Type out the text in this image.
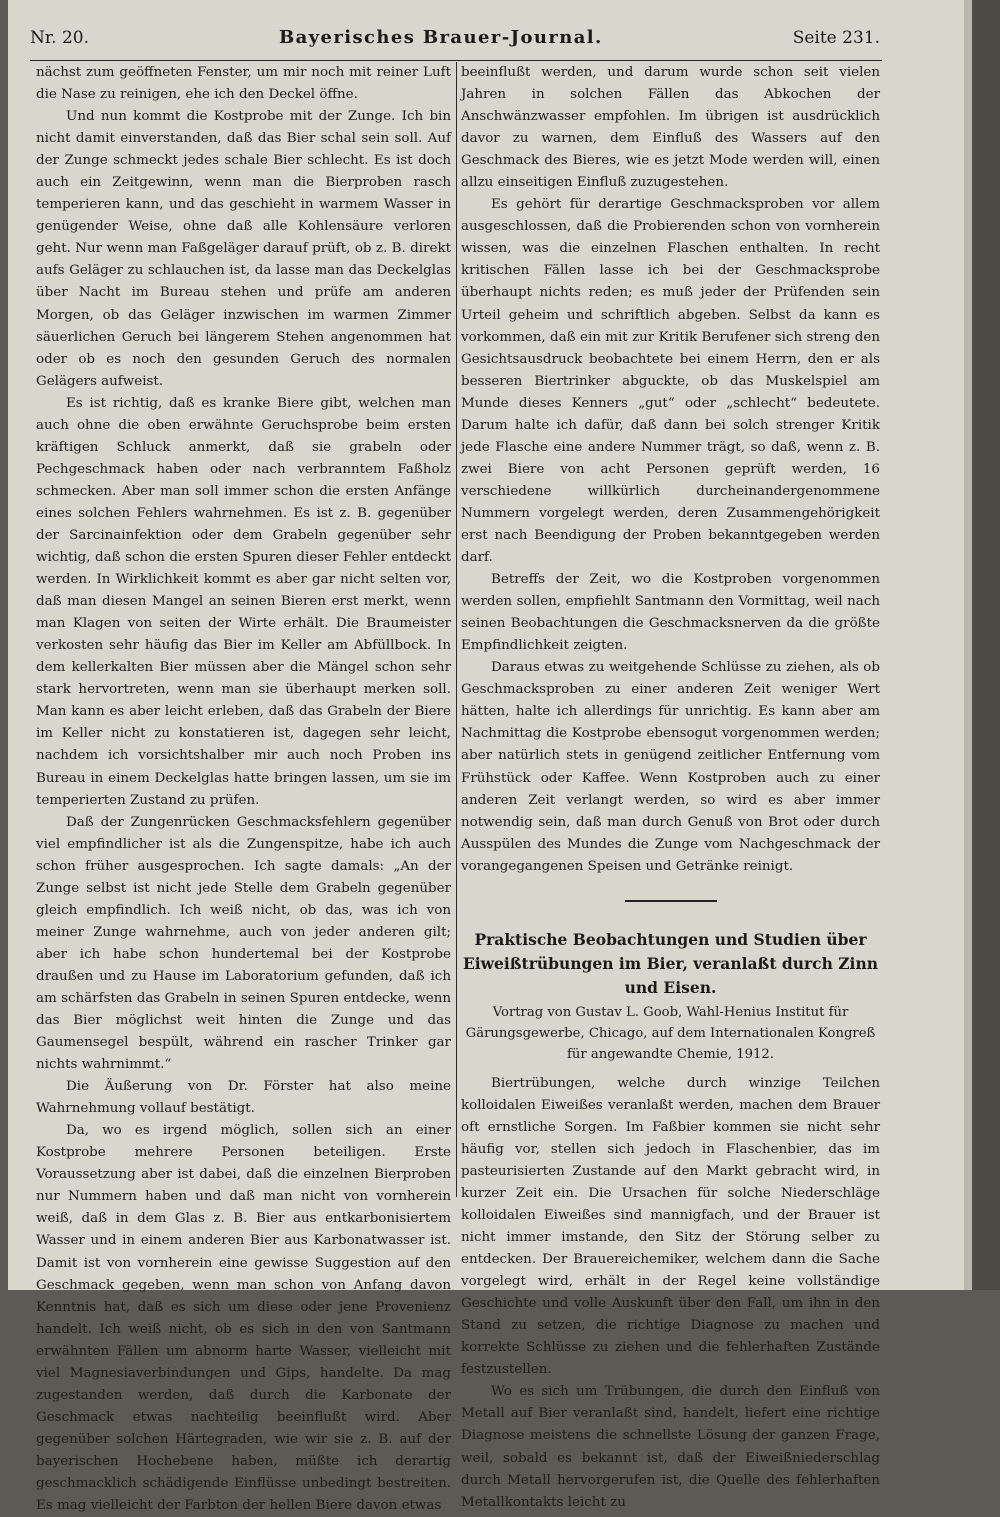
Nr. 20.	Bayerisches Brauer-Journal.	Seite 231.

nächst zum geöffneten Fenster, um mir noch mit reiner Luft die Nase zu reinigen, ehe ich den Deckel öffne.

Und nun kommt die Kostprobe mit der Zunge. Ich bin nicht damit einverstanden, daß das Bier schal sein soll. Auf der Zunge schmeckt jedes schale Bier schlecht. Es ist doch auch ein Zeitgewinn, wenn man die Bierproben rasch temperieren kann, und das geschieht in warmem Wasser in genügender Weise, ohne daß alle Kohlensäure verloren geht. Nur wenn man Faßgeläger darauf prüft, ob z. B. direkt aufs Geläger zu schlauchen ist, da lasse man das Deckelglas über Nacht im Bureau stehen und prüfe am anderen Morgen, ob das Geläger inzwischen im warmen Zimmer säuerlichen Geruch bei längerem Stehen angenommen hat oder ob es noch den gesunden Geruch des normalen Gelägers aufweist.

Es ist richtig, daß es kranke Biere gibt, welchen man auch ohne die oben erwähnte Geruchsprobe beim ersten kräftigen Schluck anmerkt, daß sie grabeln oder Pechgeschmack haben oder nach verbranntem Faßholz schmecken. Aber man soll immer schon die ersten Anfänge eines solchen Fehlers wahrnehmen. Es ist z. B. gegenüber der Sarcinainfektion oder dem Grabeln gegenüber sehr wichtig, daß schon die ersten Spuren dieser Fehler entdeckt werden. In Wirklichkeit kommt es aber gar nicht selten vor, daß man diesen Mangel an seinen Bieren erst merkt, wenn man Klagen von seiten der Wirte erhält. Die Braumeister verkosten sehr häufig das Bier im Keller am Abfüllbock. In dem kellerkalten Bier müssen aber die Mängel schon sehr stark hervortreten, wenn man sie überhaupt merken soll. Man kann es aber leicht erleben, daß das Grabeln der Biere im Keller nicht zu konstatieren ist, dagegen sehr leicht, nachdem ich vorsichtshalber mir auch noch Proben ins Bureau in einem Deckelglas hatte bringen lassen, um sie im temperierten Zustand zu prüfen.

Daß der Zungenrücken Geschmacksfehlern gegenüber viel empfindlicher ist als die Zungenspitze, habe ich auch schon früher ausgesprochen. Ich sagte damals: „An der Zunge selbst ist nicht jede Stelle dem Grabeln gegenüber gleich empfindlich. Ich weiß nicht, ob das, was ich von meiner Zunge wahrnehme, auch von jeder anderen gilt; aber ich habe schon hundertemal bei der Kostprobe draußen und zu Hause im Laboratorium gefunden, daß ich am schärfsten das Grabeln in seinen Spuren entdecke, wenn das Bier möglichst weit hinten die Zunge und das Gaumensegel bespült, während ein rascher Trinker gar nichts wahrnimmt.“

Die Äußerung von Dr. Förster hat also meine Wahrnehmung vollauf bestätigt.

Da, wo es irgend möglich, sollen sich an einer Kostprobe mehrere Personen beteiligen. Erste Voraussetzung aber ist dabei, daß die einzelnen Bierproben nur Nummern haben und daß man nicht von vornherein weiß, daß in dem Glas z. B. Bier aus entkarbonisiertem Wasser und in einem anderen Bier aus Karbonatwasser ist. Damit ist von vornherein eine gewisse Suggestion auf den Geschmack gegeben, wenn man schon von Anfang davon Kenntnis hat, daß es sich um diese oder jene Provenienz handelt. Ich weiß nicht, ob es sich in den von Santmann erwähnten Fällen um abnorm harte Wasser, vielleicht mit viel Magnesiaverbindungen und Gips, handelte. Da mag zugestanden werden, daß durch die Karbonate der Geschmack etwas nachteilig beeinflußt wird. Aber gegenüber solchen Härtegraden, wie wir sie z. B. auf der bayerischen Hochebene haben, müßte ich derartig geschmacklich schädigende Einflüsse unbedingt bestreiten. Es mag vielleicht der Farbton der hellen Biere davon etwas

beeinflußt werden, und darum wurde schon seit vielen Jahren in solchen Fällen das Abkochen der Anschwänzwasser empfohlen. Im übrigen ist ausdrücklich davor zu warnen, dem Einfluß des Wassers auf den Geschmack des Bieres, wie es jetzt Mode werden will, einen allzu einseitigen Einfluß zuzugestehen.

Es gehört für derartige Geschmacksproben vor allem ausgeschlossen, daß die Probierenden schon von vornherein wissen, was die einzelnen Flaschen enthalten. In recht kritischen Fällen lasse ich bei der Geschmacksprobe überhaupt nichts reden; es muß jeder der Prüfenden sein Urteil geheim und schriftlich abgeben. Selbst da kann es vorkommen, daß ein mit zur Kritik Berufener sich streng den Gesichtsausdruck beobachtete bei einem Herrn, den er als besseren Biertrinker abguckte, ob das Muskelspiel am Munde dieses Kenners „gut“ oder „schlecht“ bedeutete. Darum halte ich dafür, daß dann bei solch strenger Kritik jede Flasche eine andere Nummer trägt, so daß, wenn z. B. zwei Biere von acht Personen geprüft werden, 16 verschiedene willkürlich durcheinandergenommene Nummern vorgelegt werden, deren Zusammengehörigkeit erst nach Beendigung der Proben bekanntgegeben werden darf.

Betreffs der Zeit, wo die Kostproben vorgenommen werden sollen, empfiehlt Santmann den Vormittag, weil nach seinen Beobachtungen die Geschmacksnerven da die größte Empfindlichkeit zeigten.

Daraus etwas zu weitgehende Schlüsse zu ziehen, als ob Geschmacksproben zu einer anderen Zeit weniger Wert hätten, halte ich allerdings für unrichtig. Es kann aber am Nachmittag die Kostprobe ebensogut vorgenommen werden; aber natürlich stets in genügend zeitlicher Entfernung vom Frühstück oder Kaffee. Wenn Kostproben auch zu einer anderen Zeit verlangt werden, so wird es aber immer notwendig sein, daß man durch Genuß von Brot oder durch Ausspülen des Mundes die Zunge vom Nachgeschmack der vorangegangenen Speisen und Getränke reinigt.

Praktische Beobachtungen und Studien über Eiweißtrübungen im Bier, veranlaßt durch Zinn und Eisen.
Vortrag von Gustav L. Goob, Wahl-Henius Institut für Gärungsgewerbe, Chicago, auf dem Internationalen Kongreß für angewandte Chemie, 1912.

Biertrübungen, welche durch winzige Teilchen kolloidalen Eiweißes veranlaßt werden, machen dem Brauer oft ernstliche Sorgen. Im Faßbier kommen sie nicht sehr häufig vor, stellen sich jedoch in Flaschenbier, das im pasteurisierten Zustande auf den Markt gebracht wird, in kurzer Zeit ein. Die Ursachen für solche Niederschläge kolloidalen Eiweißes sind mannigfach, und der Brauer ist nicht immer imstande, den Sitz der Störung selber zu entdecken. Der Brauereichemiker, welchem dann die Sache vorgelegt wird, erhält in der Regel keine vollständige Geschichte und volle Auskunft über den Fall, um ihn in den Stand zu setzen, die richtige Diagnose zu machen und korrekte Schlüsse zu ziehen und die fehlerhaften Zustände festzustellen.

Wo es sich um Trübungen, die durch den Einfluß von Metall auf Bier veranlaßt sind, handelt, liefert eine richtige Diagnose meistens die schnellste Lösung der ganzen Frage, weil, sobald es bekannt ist, daß der Eiweißniederschlag durch Metall hervorgerufen ist, die Quelle des fehlerhaften Metallkontakts leicht zu
